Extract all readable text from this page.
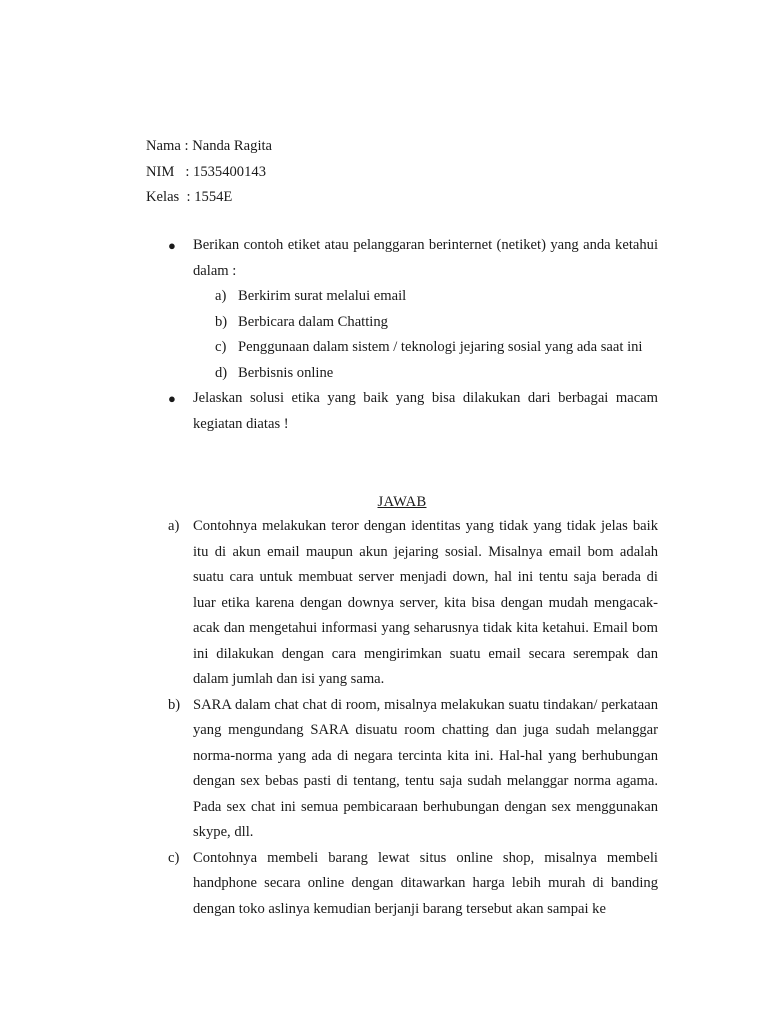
Nama : Nanda Ragita
NIM   : 1535400143
Kelas  : 1554E
● Berikan contoh etiket atau pelanggaran berinternet (netiket) yang anda ketahui dalam :
a) Berkirim surat melalui email
b) Berbicara dalam Chatting
c) Penggunaan dalam sistem / teknologi jejaring sosial yang ada saat ini
d) Berbisnis online
● Jelaskan solusi etika yang baik yang bisa dilakukan dari berbagai macam kegiatan diatas !
JAWAB
a) Contohnya melakukan teror dengan identitas yang tidak yang tidak jelas baik itu di akun email maupun akun jejaring sosial. Misalnya email bom adalah suatu cara untuk membuat server menjadi down, hal ini tentu saja berada di luar etika karena dengan downya server, kita bisa dengan mudah mengacak-acak dan mengetahui informasi yang seharusnya tidak kita ketahui. Email bom ini dilakukan dengan cara mengirimkan suatu email secara serempak dan dalam jumlah dan isi yang sama.
b) SARA dalam chat chat di room, misalnya melakukan suatu tindakan/ perkataan yang mengundang SARA disuatu room chatting dan juga sudah melanggar norma-norma yang ada di negara tercinta kita ini. Hal-hal yang berhubungan dengan sex bebas pasti di tentang, tentu saja sudah melanggar norma agama. Pada sex chat ini semua pembicaraan berhubungan dengan sex menggunakan skype, dll.
c) Contohnya membeli barang lewat situs online shop, misalnya membeli handphone secara online dengan ditawarkan harga lebih murah di banding dengan toko aslinya kemudian berjanji barang tersebut akan sampai ke
